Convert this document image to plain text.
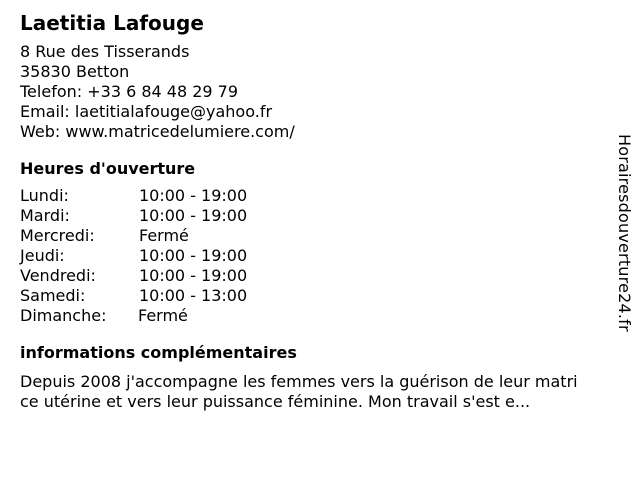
Laetitia Lafouge
8 Rue des Tisserands
35830 Betton
Telefon: +33 6 84 48 29 79
Email: laetitialafouge@yahoo.fr
Web: www.matricedelumiere.com/
Heures d'ouverture
Lundi:	10:00 - 19:00
Mardi:	10:00 - 19:00
Mercredi:	Fermé
Jeudi:	10:00 - 19:00
Vendredi:	10:00 - 19:00
Samedi:	10:00 - 13:00
Dimanche:	Fermé
informations complémentaires
Depuis 2008 j'accompagne les femmes vers la guérison de leur matrice utérine et vers leur puissance féminine. Mon travail s'est e...
Horairesdouverture24.fr
